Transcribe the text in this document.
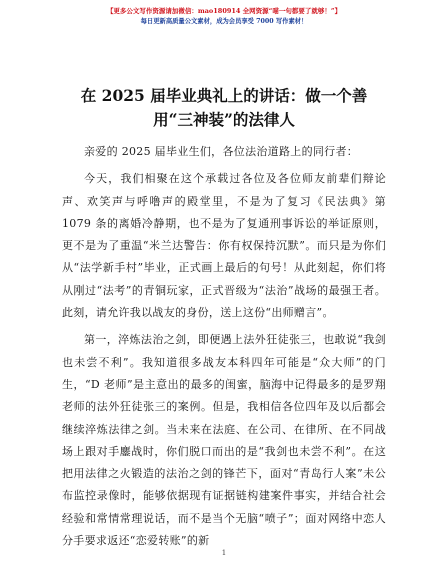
【更多公文写作资源请加微信：mao180914 全网资源“喵一句都要了就够！”】
每日更新高质量公文素材，成为会员享受 7000 写作素材！
在 2025 届毕业典礼上的讲话：做一个善用“三神装”的法律人

亲爱的 2025 届毕业生们，各位法治道路上的同行者：

今天，我们相聚在这个承载过各位及各位师友前辈们辩论声、欢笑声与呼噜声的殿堂里，不是为了复习《民法典》第 1079 条的离婚冷静期，也不是为了复通刑事诉讼的举证原则，更不是为了重温“米兰达警告：你有权保持沉默”。而只是为你们从“法学新手村”毕业，正式画上最后的句号！从此刻起，你们将从刚过“法考”的青铜玩家，正式晋级为“法治”战场的最强王者。此刻，请允许我以战友的身份，送上这份“出师赠言”。

第一，淬炼法治之剑，即便遇上法外狂徒张三，也敢说“我剑也未尝不利”。我知道很多战友本科四年可能是“众大师”的门生，“D 老师”是主意出的最多的闺蜜，脑海中记得最多的是罗翔老师的法外狂徒张三的案例。但是，我相信各位四年及以后都会继续淬炼法律之剑。当未来在法庭、在公司、在律所、在不同战场上跟对手鏖战时，你们脱口而出的是“我剑也未尝不利”。在这把用法律之火锻造的法治之剑的锋芒下，面对“青岛行人案”未公布监控录像时，能够依据现有证据链构建案件事实，并结合社会经验和常情常理说话，而不是当个无脑“喷子”；面对网络中恋人分手要求返还“恋爱转账”的新

1
